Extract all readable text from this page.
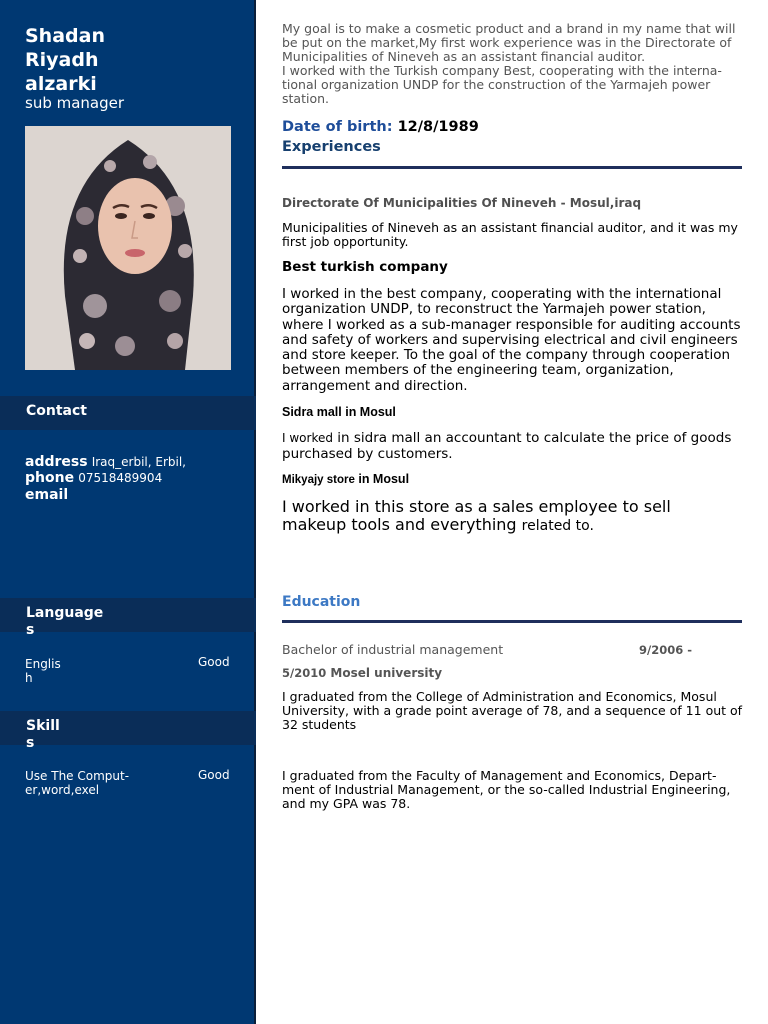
Shadan
Riyadh
alzarki
sub manager
Contact
address Iraq_erbil, Erbil,
phone 07518489904
email
Languages
English
Good
Skills
Use The Comput-
er,word,exel
Good

My goal is to make a cosmetic product and a brand in my name that will be put on the market,My first work experience was in the Directorate of Municipalities of Nineveh as an assistant financial auditor.

I worked with the Turkish company Best, cooperating with the interna- tional organization UNDP for the construction of the Yarmajeh power station.

Date of birth: 12/8/1989
Experiences
Directorate Of Municipalities Of Nineveh - Mosul,iraq
Municipalities of Nineveh as an assistant financial auditor, and it was my first job opportunity.
Best turkish company
I worked in the best company, cooperating with the international organization UNDP, to reconstruct the Yarmajeh power station, where I worked as a sub-manager responsible for auditing accounts and safety of workers and supervising electrical and civil engineers and store keeper. To the goal of the company through cooperation between members of the engineering team, organization, arrangement and direction.
Sidra mall in Mosul
I worked in sidra mall an accountant to calculate the price of goods purchased by customers.
Mikyajy store in Mosul
I worked in this store as a sales employee to sell makeup tools and everything related to.
Education
Bachelor of industrial management	9/2006 -
5/2010 Mosel university
I graduated from the College of Administration and Economics, Mosul University, with a grade point average of 78, and a sequence of 11 out of 32 students
I graduated from the Faculty of Management and Economics, Depart- ment of Industrial Management, or the so-called Industrial Engineering, and my GPA was 78.
